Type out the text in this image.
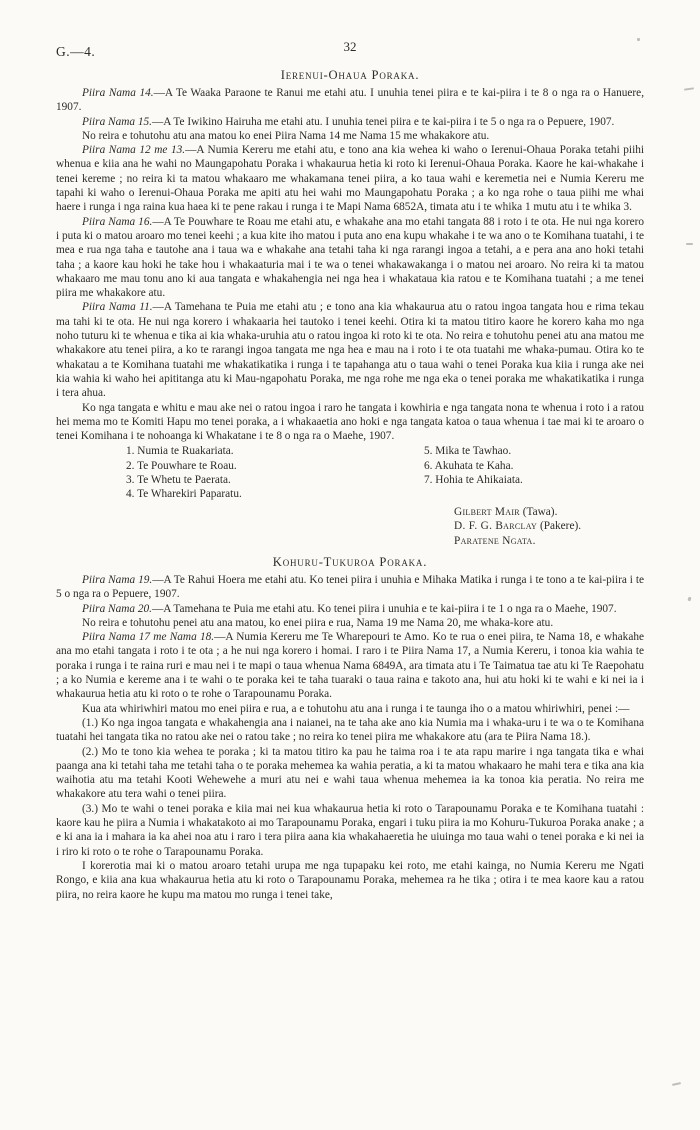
G.—4.	32
Ierenui-Ohaua Poraka.

Piira Nama 14.—A Te Waaka Paraone te Ranui me etahi atu. I unuhia tenei piira e te kai-piira i te 8 o nga ra o Hanuere, 1907.

Piira Nama 15.—A Te Iwikino Hairuha me etahi atu. I unuhia tenei piira e te kai-piira i te 5 o nga ra o Pepuere, 1907.

No reira e tohutohu atu ana matou ko enei Piira Nama 14 me Nama 15 me whakakore atu.

Piira Nama 12 me 13.—A Numia Kereru me etahi atu, e tono ana kia wehea ki waho o Ierenui-Ohaua Poraka tetahi piihi whenua e kiia ana he wahi no Maungapohatu Poraka i whakaurua hetia ki roto ki Ierenui-Ohaua Poraka. Kaore he kai-whakahe i tenei kereme ; no reira ki ta matou whakaaro me whakamana tenei piira, a ko taua wahi e keremetia nei e Numia Kereru me tapahi ki waho o Ierenui-Ohaua Poraka me apiti atu hei wahi mo Maungapohatu Poraka ; a ko nga rohe o taua piihi me whai haere i runga i nga raina kua haea ki te pene rakau i runga i te Mapi Nama 6852A, timata atu i te whika 1 mutu atu i te whika 3.

Piira Nama 16.—A Te Pouwhare te Roau me etahi atu, e whakahe ana mo etahi tangata 88 i roto i te ota. He nui nga korero i puta ki o matou aroaro mo tenei keehi ; a kua kite iho matou i puta ano ena kupu whakahe i te wa ano o te Komihana tuatahi, i te mea e rua nga taha e tautohe ana i taua wa e whakahe ana tetahi taha ki nga rarangi ingoa a tetahi, a e pera ana ano hoki tetahi taha ; a kaore kau hoki he take hou i whakaaturia mai i te wa o tenei whakawakanga i o matou nei aroaro. No reira ki ta matou whakaaro me mau tonu ano ki aua tangata e whakahengia nei nga hea i whakataua kia ratou e te Komihana tuatahi ; a me tenei piira me whakakore atu.

Piira Nama 11.—A Tamehana te Puia me etahi atu ; e tono ana kia whakaurua atu o ratou ingoa tangata hou e rima tekau ma tahi ki te ota. He nui nga korero i whakaaria hei tautoko i tenei keehi. Otira ki ta matou titiro kaore he korero kaha mo nga noho tuturu ki te whenua e tika ai kia whaka-uruhia atu o ratou ingoa ki roto ki te ota. No reira e tohutohu penei atu ana matou me whakakore atu tenei piira, a ko te rarangi ingoa tangata me nga hea e mau na i roto i te ota tuatahi me whaka-pumau. Otira ko te whakatau a te Komihana tuatahi me whakatikatika i runga i te tapahanga atu o taua wahi o tenei Poraka kua kiia i runga ake nei kia wahia ki waho hei apititanga atu ki Mau-ngapohatu Poraka, me nga rohe me nga eka o tenei poraka me whakatikatika i runga i tera ahua.

Ko nga tangata e whitu e mau ake nei o ratou ingoa i raro he tangata i kowhiria e nga tangata nona te whenua i roto i a ratou hei mema mo te Komiti Hapu mo tenei poraka, a i whakaaetia ano hoki e nga tangata katoa o taua whenua i tae mai ki te aroaro o tenei Komihana i te nohoanga ki Whakatane i te 8 o nga ra o Maehe, 1907.

1. Numia te Ruakariata.
2. Te Pouwhare te Roau.
3. Te Whetu te Paerata.
4. Te Wharekiri Paparatu.
5. Mika te Tawhao.
6. Akuhata te Kaha.
7. Hohia te Ahikaiata.
Gilbert Mair (Tawa).
D. F. G. Barclay (Pakere).
Paratene Ngata.
Kohuru-Tukuroa Poraka.

Piira Nama 19.—A Te Rahui Hoera me etahi atu. Ko tenei piira i unuhia e Mihaka Matika i runga i te tono a te kai-piira i te 5 o nga ra o Pepuere, 1907.

Piira Nama 20.—A Tamehana te Puia me etahi atu. Ko tenei piira i unuhia e te kai-piira i te 1 o nga ra o Maehe, 1907.

No reira e tohutohu penei atu ana matou, ko enei piira e rua, Nama 19 me Nama 20, me whaka-kore atu.

Piira Nama 17 me Nama 18.—A Numia Kereru me Te Wharepouri te Amo. Ko te rua o enei piira, te Nama 18, e whakahe ana mo etahi tangata i roto i te ota ; a he nui nga korero i homai. I raro i te Piira Nama 17, a Numia Kereru, i tonoa kia wahia te poraka i runga i te raina ruri e mau nei i te mapi o taua whenua Nama 6849A, ara timata atu i Te Taimatua tae atu ki Te Raepohatu ; a ko Numia e kereme ana i te wahi o te poraka kei te taha tuaraki o taua raina e takoto ana, hui atu hoki ki te wahi e ki nei ia i whakaurua hetia atu ki roto o te rohe o Tarapounamu Poraka.

Kua ata whiriwhiri matou mo enei piira e rua, a e tohutohu atu ana i runga i te taunga iho o a matou whiriwhiri, penei :—

(1.) Ko nga ingoa tangata e whakahengia ana i naianei, na te taha ake ano kia Numia ma i whaka-uru i te wa o te Komihana tuatahi hei tangata tika no ratou ake nei o ratou take ; no reira ko tenei piira me whakakore atu (ara te Piira Nama 18.).

(2.) Mo te tono kia wehea te poraka ; ki ta matou titiro ka pau he taima roa i te ata rapu marire i nga tangata tika e whai paanga ana ki tetahi taha me tetahi taha o te poraka mehemea ka wahia peratia, a ki ta matou whakaaro he mahi tera e tika ana kia waihotia atu ma tetahi Kooti Wehewehe a muri atu nei e wahi taua whenua mehemea ia ka tonoa kia peratia. No reira me whakakore atu tera wahi o tenei piira.

(3.) Mo te wahi o tenei poraka e kiia mai nei kua whakaurua hetia ki roto o Tarapounamu Poraka e te Komihana tuatahi : kaore kau he piira a Numia i whakatakoto ai mo Tarapounamu Poraka, engari i tuku piira ia mo Kohuru-Tukuroa Poraka anake ; a e ki ana ia i mahara ia ka ahei noa atu i raro i tera piira aana kia whakahaeretia he uiuinga mo taua wahi o tenei poraka e ki nei ia i riro ki roto o te rohe o Tarapounamu Poraka.

I korerotia mai ki o matou aroaro tetahi urupa me nga tupapaku kei roto, me etahi kainga, no Numia Kereru me Ngati Rongo, e kiia ana kua whakaurua hetia atu ki roto o Tarapounamu Poraka, mehemea ra he tika ; otira i te mea kaore kau a ratou piira, no reira kaore he kupu ma matou mo runga i tenei take,
